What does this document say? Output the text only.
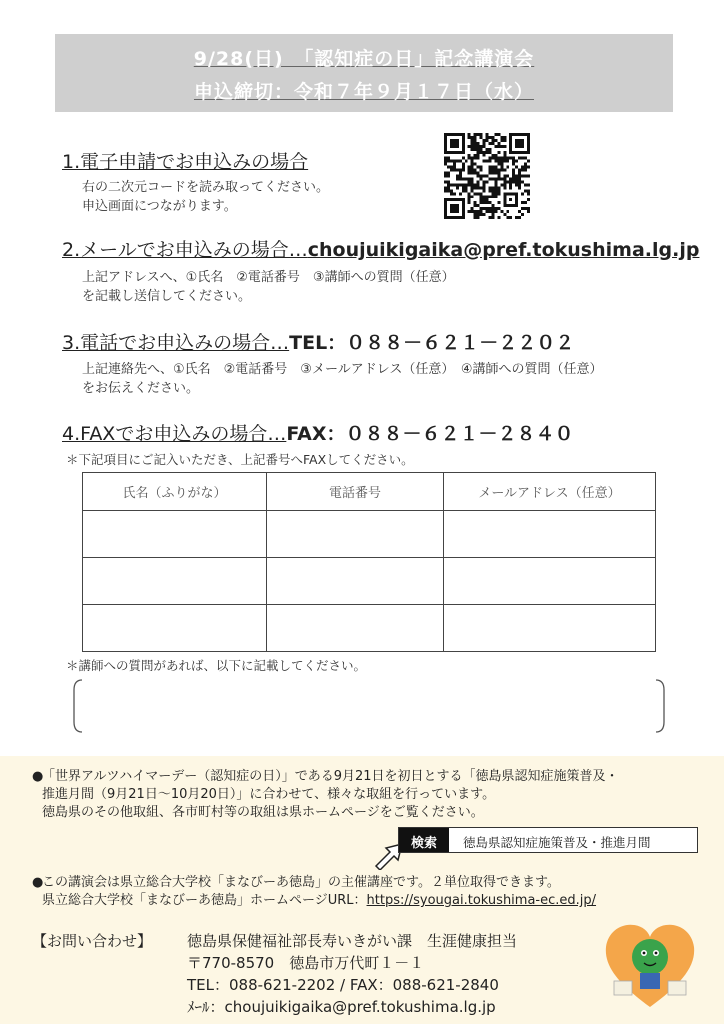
9/28(日)　「認知症の日」記念講演会
申込締切：令和７年９月１７日（水）
1.電子申請でお申込みの場合
右の二次元コードを読み取ってください。
申込画面につながります。
2.メールでお申込みの場合…choujuikigaika@pref.tokushima.lg.jp
上記アドレスへ、①氏名　②電話番号　③講師への質問（任意）
を記載し送信してください。
3.電話でお申込みの場合…TEL：０８８－６２１－２２０２
上記連絡先へ、①氏名　②電話番号　③メールアドレス（任意）　④講師への質問（任意）
をお伝えください。
4.FAXでお申込みの場合…FAX：０８８－６２１－２８４０
＊下記項目にご記入いただき、上記番号へFAXしてください。
氏名（ふりがな）	電話番号	メールアドレス（任意）

＊講師への質問があれば、以下に記載してください。
●「世界アルツハイマーデー（認知症の日）」である9月21日を初日とする「徳島県認知症施策普及・
推進月間（9月21日～10月20日）」に合わせて、様々な取組を行っています。
徳島県のその他取組、各市町村等の取組は県ホームページをご覧ください。
検索	徳島県認知症施策普及・推進月間
●この講演会は県立総合大学校「まなびーあ徳島」の主催講座です。２単位取得できます。
県立総合大学校「まなびーあ徳島」ホームページURL：https://syougai.tokushima-ec.ed.jp/
【お問い合わせ】 徳島県保健福祉部長寿いきがい課　生涯健康担当
〒770-8570　徳島市万代町１－１
TEL：088-621-2202 / FAX：088-621-2840
ﾒｰﾙ：choujuikigaika@pref.tokushima.lg.jp
